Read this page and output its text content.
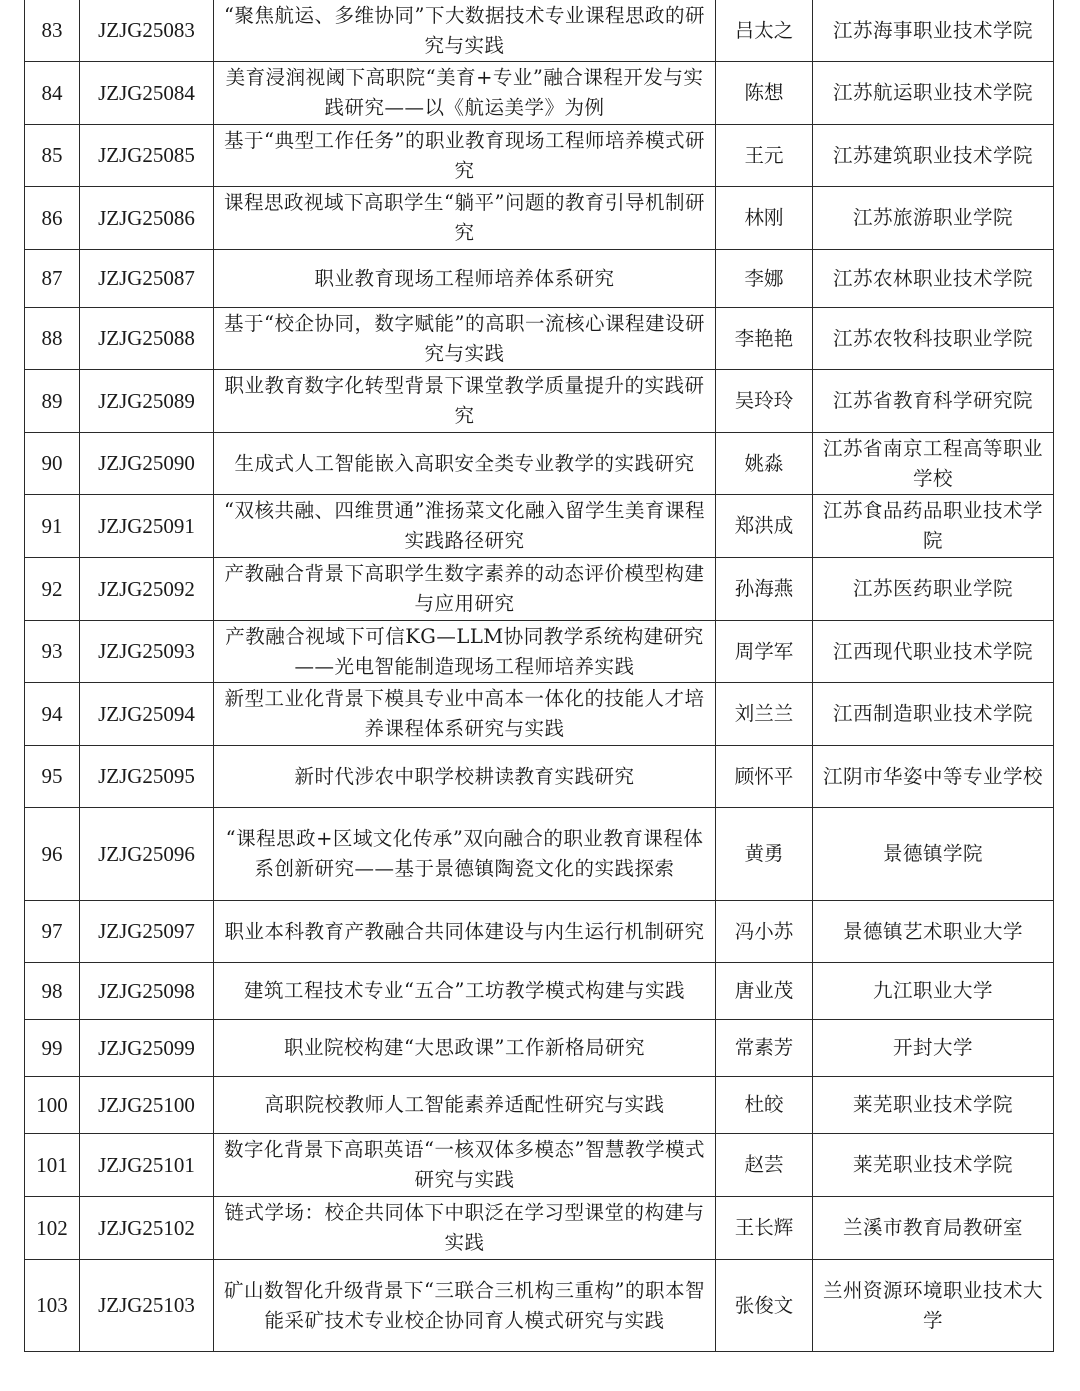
83	JZJG25083	“聚焦航运、多维协同”下大数据技术专业课程思政的研究与实践	吕太之	江苏海事职业技术学院
84	JZJG25084	美育浸润视阈下高职院“美育+专业”融合课程开发与实践研究——以《航运美学》为例	陈想	江苏航运职业技术学院
85	JZJG25085	基于“典型工作任务”的职业教育现场工程师培养模式研究	王元	江苏建筑职业技术学院
86	JZJG25086	课程思政视域下高职学生“躺平”问题的教育引导机制研究	林刚	江苏旅游职业学院
87	JZJG25087	职业教育现场工程师培养体系研究	李娜	江苏农林职业技术学院
88	JZJG25088	基于“校企协同，数字赋能”的高职一流核心课程建设研究与实践	李艳艳	江苏农牧科技职业学院
89	JZJG25089	职业教育数字化转型背景下课堂教学质量提升的实践研究	吴玲玲	江苏省教育科学研究院
90	JZJG25090	生成式人工智能嵌入高职安全类专业教学的实践研究	姚淼	江苏省南京工程高等职业学校
91	JZJG25091	“双核共融、四维贯通”淮扬菜文化融入留学生美育课程实践路径研究	郑洪成	江苏食品药品职业技术学院
92	JZJG25092	产教融合背景下高职学生数字素养的动态评价模型构建与应用研究	孙海燕	江苏医药职业学院
93	JZJG25093	产教融合视域下可信KG—LLM协同教学系统构建研究——光电智能制造现场工程师培养实践	周学军	江西现代职业技术学院
94	JZJG25094	新型工业化背景下模具专业中高本一体化的技能人才培养课程体系研究与实践	刘兰兰	江西制造职业技术学院
95	JZJG25095	新时代涉农中职学校耕读教育实践研究	顾怀平	江阴市华姿中等专业学校
96	JZJG25096	“课程思政+区域文化传承”双向融合的职业教育课程体系创新研究——基于景德镇陶瓷文化的实践探索	黄勇	景德镇学院
97	JZJG25097	职业本科教育产教融合共同体建设与内生运行机制研究	冯小苏	景德镇艺术职业大学
98	JZJG25098	建筑工程技术专业“五合”工坊教学模式构建与实践	唐业茂	九江职业大学
99	JZJG25099	职业院校构建“大思政课”工作新格局研究	常素芳	开封大学
100	JZJG25100	高职院校教师人工智能素养适配性研究与实践	杜皎	莱芜职业技术学院
101	JZJG25101	数字化背景下高职英语“一核双体多模态”智慧教学模式研究与实践	赵芸	莱芜职业技术学院
102	JZJG25102	链式学场：校企共同体下中职泛在学习型课堂的构建与实践	王长辉	兰溪市教育局教研室
103	JZJG25103	矿山数智化升级背景下“三联合三机构三重构”的职本智能采矿技术专业校企协同育人模式研究与实践	张俊文	兰州资源环境职业技术大学
